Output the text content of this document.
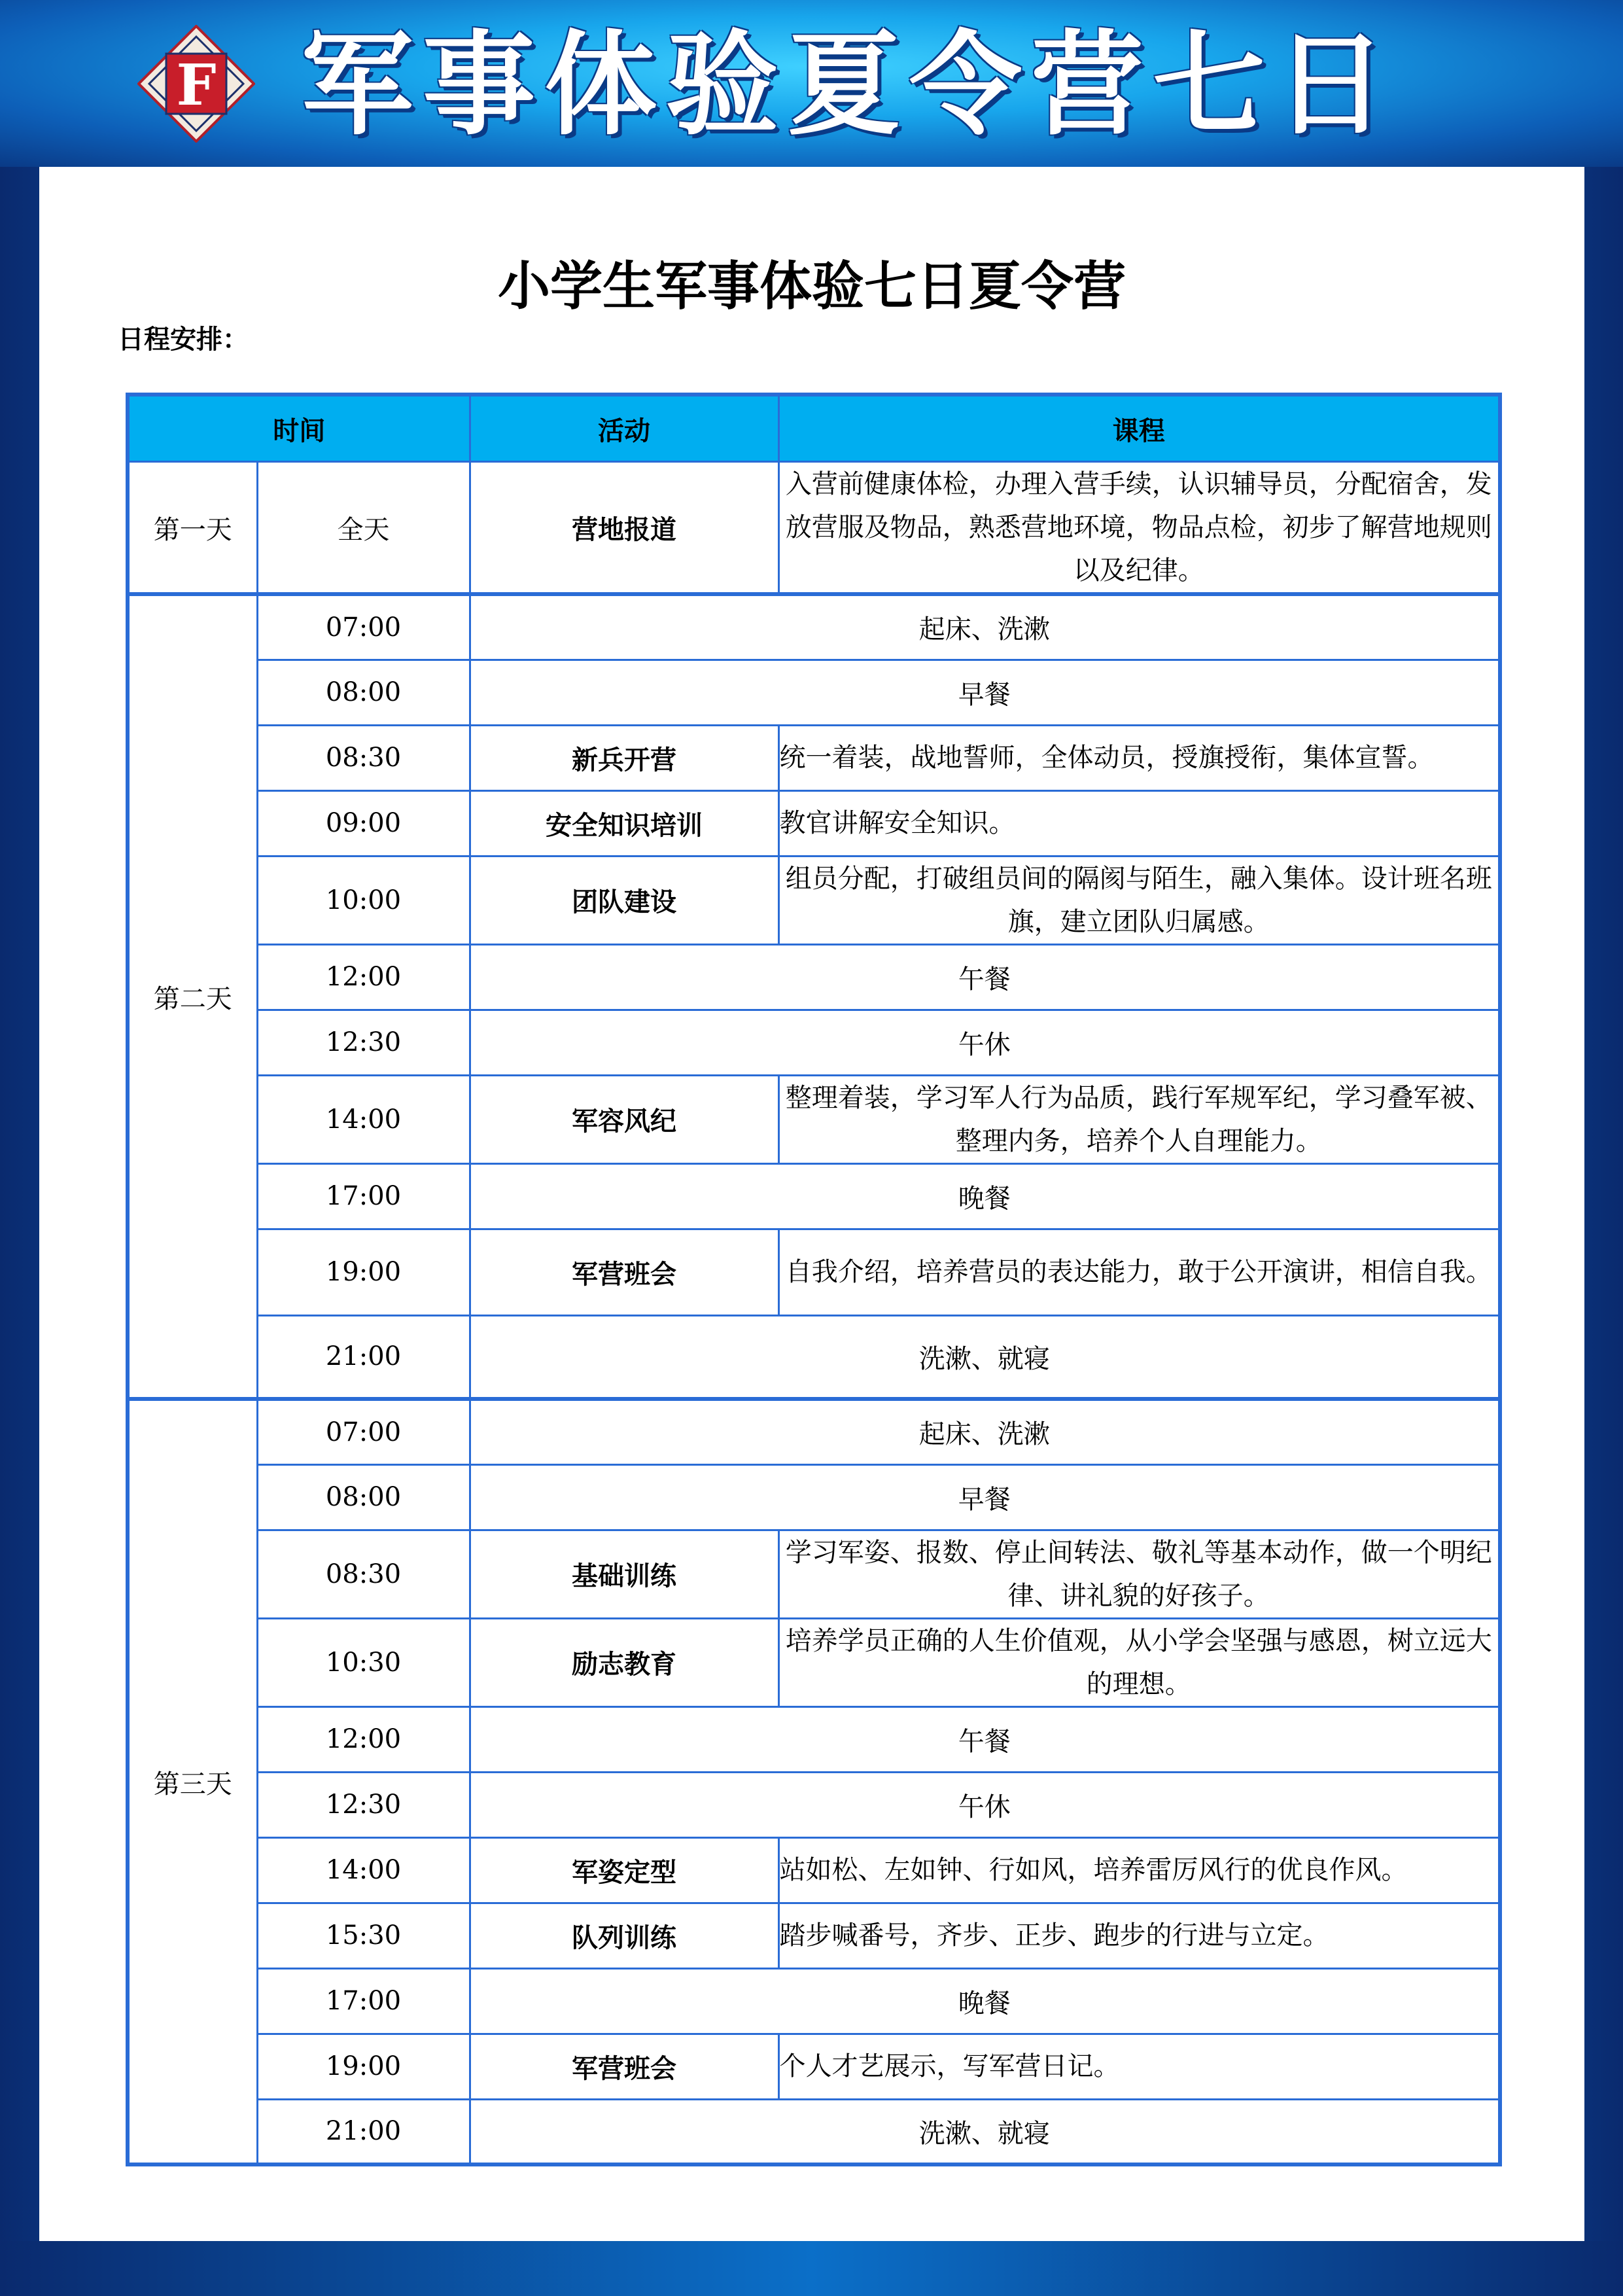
F 军事体验夏令营七日
小学生军事体验七日夏令营
日程安排：
时间		活动	课程
第一天	全天	营地报道	入营前健康体检，办理入营手续，认识辅导员，分配宿舍，发放营服及物品，熟悉营地环境，物品点检，初步了解营地规则以及纪律。
第二天	07:00	起床、洗漱	
	08:00	早餐	
	08:30	新兵开营	统一着装，战地誓师，全体动员，授旗授衔，集体宣誓。
	09:00	安全知识培训	教官讲解安全知识。
	10:00	团队建设	组员分配，打破组员间的隔阂与陌生，融入集体。设计班名班旗，建立团队归属感。
	12:00	午餐	
	12:30	午休	
	14:00	军容风纪	整理着装，学习军人行为品质，践行军规军纪，学习叠军被、整理内务，培养个人自理能力。
	17:00	晚餐	
	19:00	军营班会	自我介绍，培养营员的表达能力，敢于公开演讲，相信自我。
	21:00	洗漱、就寝	
第三天	07:00	起床、洗漱	
	08:00	早餐	
	08:30	基础训练	学习军姿、报数、停止间转法、敬礼等基本动作，做一个明纪律、讲礼貌的好孩子。
	10:30	励志教育	培养学员正确的人生价值观，从小学会坚强与感恩，树立远大的理想。
	12:00	午餐	
	12:30	午休	
	14:00	军姿定型	站如松、左如钟、行如风，培养雷厉风行的优良作风。
	15:30	队列训练	踏步喊番号，齐步、正步、跑步的行进与立定。
	17:00	晚餐	
	19:00	军营班会	个人才艺展示，写军营日记。
	21:00	洗漱、就寝	
